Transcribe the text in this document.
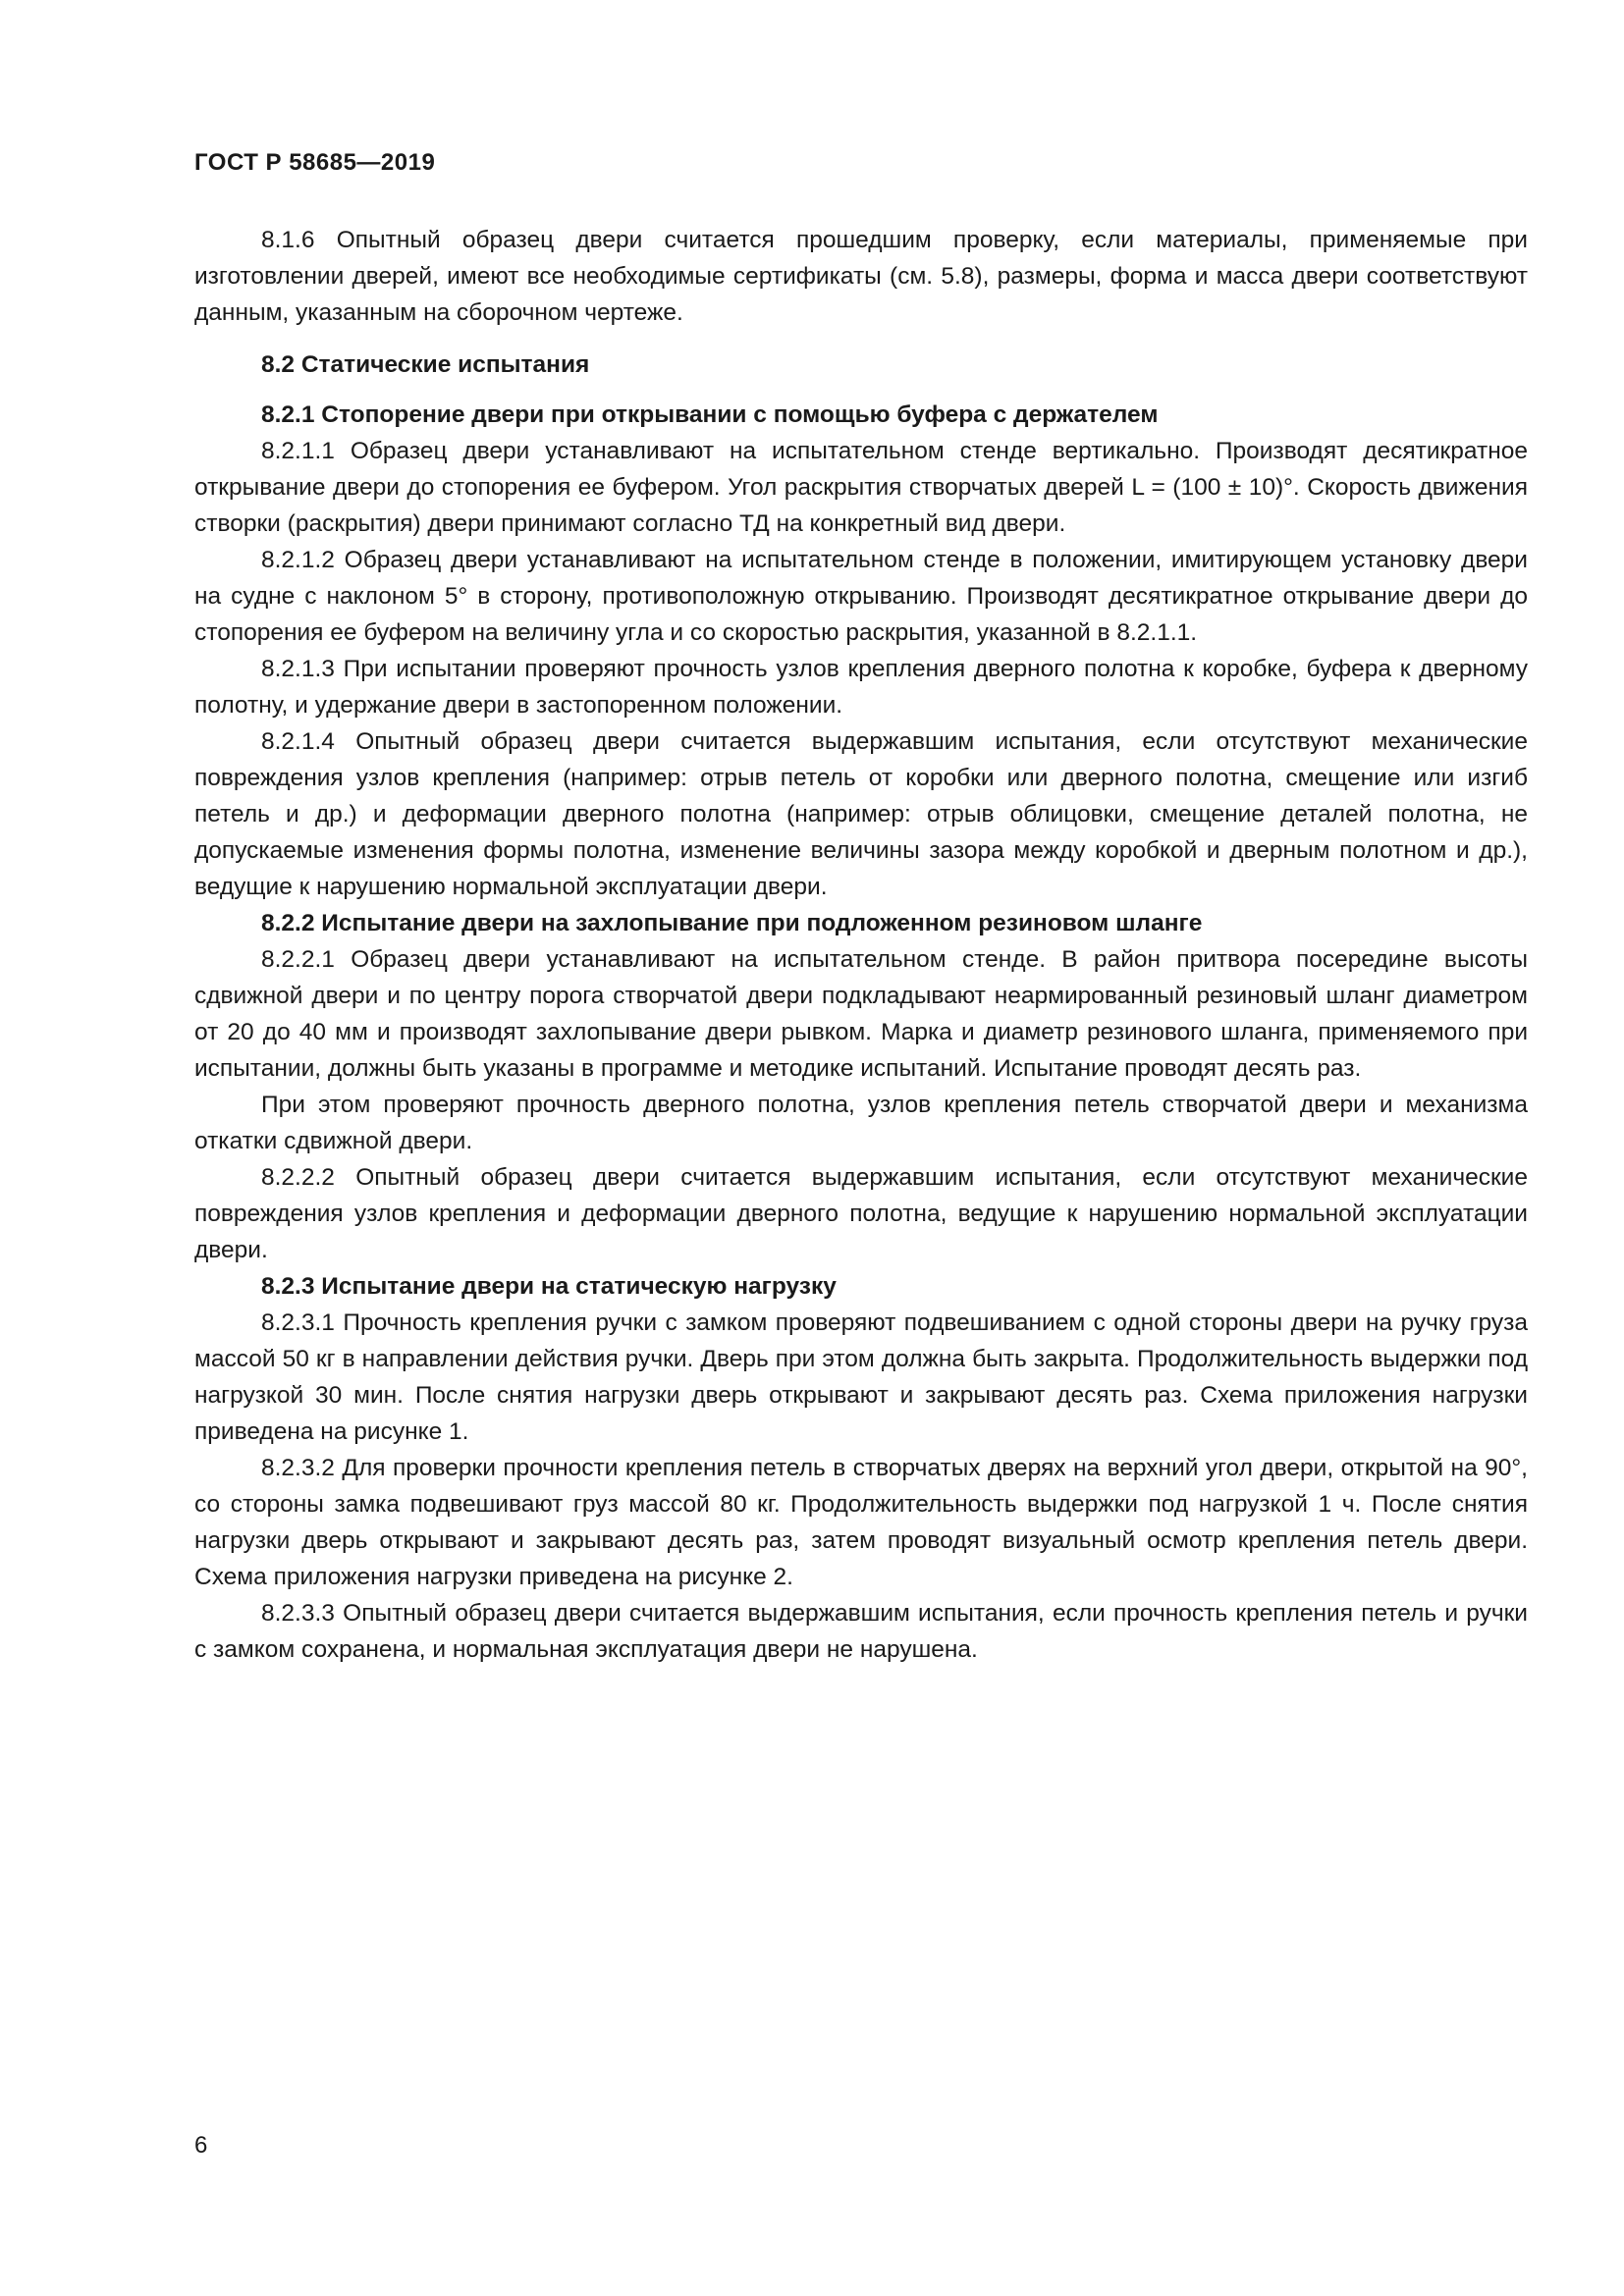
ГОСТ Р 58685—2019

8.1.6 Опытный образец двери считается прошедшим проверку, если материалы, применяемые при изготовлении дверей, имеют все необходимые сертификаты (см. 5.8), размеры, форма и масса двери соответствуют данным, указанным на сборочном чертеже.

8.2 Статические испытания

8.2.1 Стопорение двери при открывании с помощью буфера с держателем

8.2.1.1 Образец двери устанавливают на испытательном стенде вертикально. Производят десятикратное открывание двери до стопорения ее буфером. Угол раскрытия створчатых дверей L = (100 ± 10)°. Скорость движения створки (раскрытия) двери принимают согласно ТД на конкретный вид двери.

8.2.1.2 Образец двери устанавливают на испытательном стенде в положении, имитирующем установку двери на судне с наклоном 5° в сторону, противоположную открыванию. Производят десятикратное открывание двери до стопорения ее буфером на величину угла и со скоростью раскрытия, указанной в 8.2.1.1.

8.2.1.3 При испытании проверяют прочность узлов крепления дверного полотна к коробке, буфера к дверному полотну, и удержание двери в застопоренном положении.

8.2.1.4 Опытный образец двери считается выдержавшим испытания, если отсутствуют механические повреждения узлов крепления (например: отрыв петель от коробки или дверного полотна, смещение или изгиб петель и др.) и деформации дверного полотна (например: отрыв облицовки, смещение деталей полотна, не допускаемые изменения формы полотна, изменение величины зазора между коробкой и дверным полотном и др.), ведущие к нарушению нормальной эксплуатации двери.

8.2.2 Испытание двери на захлопывание при подложенном резиновом шланге

8.2.2.1 Образец двери устанавливают на испытательном стенде. В район притвора посередине высоты сдвижной двери и по центру порога створчатой двери подкладывают неармированный резиновый шланг диаметром от 20 до 40 мм и производят захлопывание двери рывком. Марка и диаметр резинового шланга, применяемого при испытании, должны быть указаны в программе и методике испытаний. Испытание проводят десять раз.

При этом проверяют прочность дверного полотна, узлов крепления петель створчатой двери и механизма откатки сдвижной двери.

8.2.2.2 Опытный образец двери считается выдержавшим испытания, если отсутствуют механические повреждения узлов крепления и деформации дверного полотна, ведущие к нарушению нормальной эксплуатации двери.

8.2.3 Испытание двери на статическую нагрузку

8.2.3.1 Прочность крепления ручки с замком проверяют подвешиванием с одной стороны двери на ручку груза массой 50 кг в направлении действия ручки. Дверь при этом должна быть закрыта. Продолжительность выдержки под нагрузкой 30 мин. После снятия нагрузки дверь открывают и закрывают десять раз. Схема приложения нагрузки приведена на рисунке 1.

8.2.3.2 Для проверки прочности крепления петель в створчатых дверях на верхний угол двери, открытой на 90°, со стороны замка подвешивают груз массой 80 кг. Продолжительность выдержки под нагрузкой 1 ч. После снятия нагрузки дверь открывают и закрывают десять раз, затем проводят визуальный осмотр крепления петель двери. Схема приложения нагрузки приведена на рисунке 2.

8.2.3.3 Опытный образец двери считается выдержавшим испытания, если прочность крепления петель и ручки с замком сохранена, и нормальная эксплуатация двери не нарушена.

6
